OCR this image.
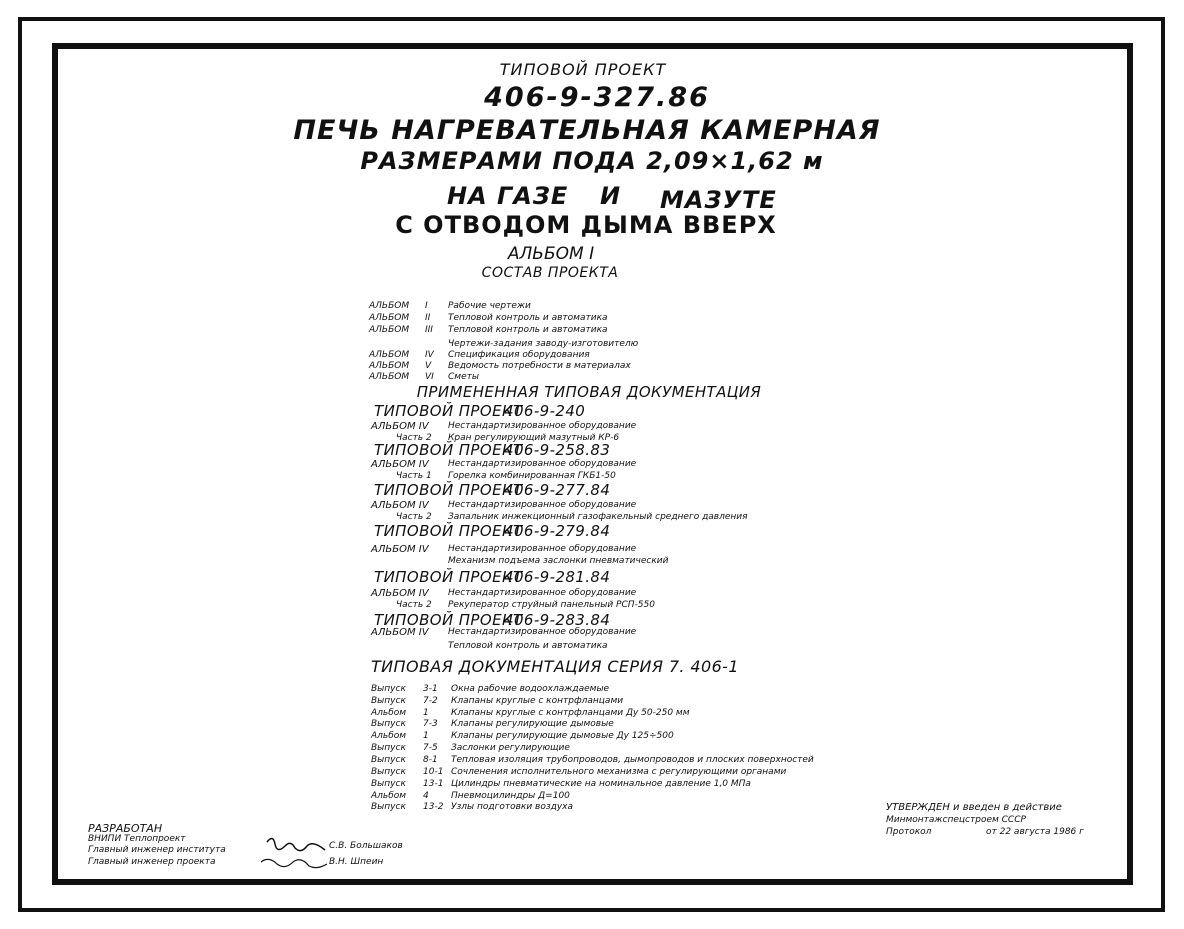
ТИПОВОЙ ПРОЕКТ
406-9-327.86
ПЕЧЬ НАГРЕВАТЕЛЬНАЯ КАМЕРНАЯ
РАЗМЕРАМИ ПОДА 2,09×1,62 м
НА ГАЗЕ И МАЗУТЕ
С ОТВОДОМ ДЫМА ВВЕРХ
АЛЬБОМ I
СОСТАВ ПРОЕКТА
АЛЬБОМ I Рабочие чертежи
АЛЬБОМ II Тепловой контроль и автоматика
АЛЬБОМ III Тепловой контроль и автоматика
Чертежи-задания заводу-изготовителю
АЛЬБОМ IV Спецификация оборудования
АЛЬБОМ V Ведомость потребности в материалах
АЛЬБОМ VI Сметы
ПРИМЕНЕННАЯ ТИПОВАЯ ДОКУМЕНТАЦИЯ
ТИПОВОЙ ПРОЕКТ
406-9-240
АЛЬБОМ IV Нестандартизированное оборудование
Часть 2 Кран регулирующий мазутный КР-6
ТИПОВОЙ ПРОЕКТ
406-9-258.83
АЛЬБОМ IV Нестандартизированное оборудование
Часть 1 Горелка комбинированная ГКБ1-50
ТИПОВОЙ ПРОЕКТ
406-9-277.84
АЛЬБОМ IV Нестандартизированное оборудование
Часть 2 Запальник инжекционный газофакельный среднего давления
ТИПОВОЙ ПРОЕКТ
406-9-279.84
АЛЬБОМ IV Нестандартизированное оборудование
Механизм подъема заслонки пневматический
ТИПОВОЙ ПРОЕКТ
406-9-281.84
АЛЬБОМ IV Нестандартизированное оборудование
Часть 2 Рекуператор струйный панельный РСП-550
ТИПОВОЙ ПРОЕКТ
406-9-283.84
АЛЬБОМ IV Нестандартизированное оборудование
Тепловой контроль и автоматика
ТИПОВАЯ ДОКУМЕНТАЦИЯ СЕРИЯ 7. 406-1
Выпуск 3-1 Окна рабочие водоохлаждаемые
Выпуск 7-2 Клапаны круглые с контрфланцами
Альбом 1 Клапаны круглые с контрфланцами Ду 50-250 мм
Выпуск 7-3 Клапаны регулирующие дымовые
Альбом 1 Клапаны регулирующие дымовые Ду 125÷500
Выпуск 7-5 Заслонки регулирующие
Выпуск 8-1 Тепловая изоляция трубопроводов, дымопроводов и плоских поверхностей
Выпуск 10-1 Сочленения исполнительного механизма с регулирующими органами
Выпуск 13-1 Цилиндры пневматические на номинальное давление 1,0 МПа
Альбом 4 Пневмоцилиндры Д=100
Выпуск 13-2 Узлы подготовки воздуха
РАЗРАБОТАН
ВНИПИ Теплопроект
Главный инженер института
Главный инженер проекта
С.В. Большаков
В.Н. Шпеин
УТВЕРЖДЕН и введен в действие
Минмонтажспецстроем СССР
Протокол	от 22 августа 1986 г
